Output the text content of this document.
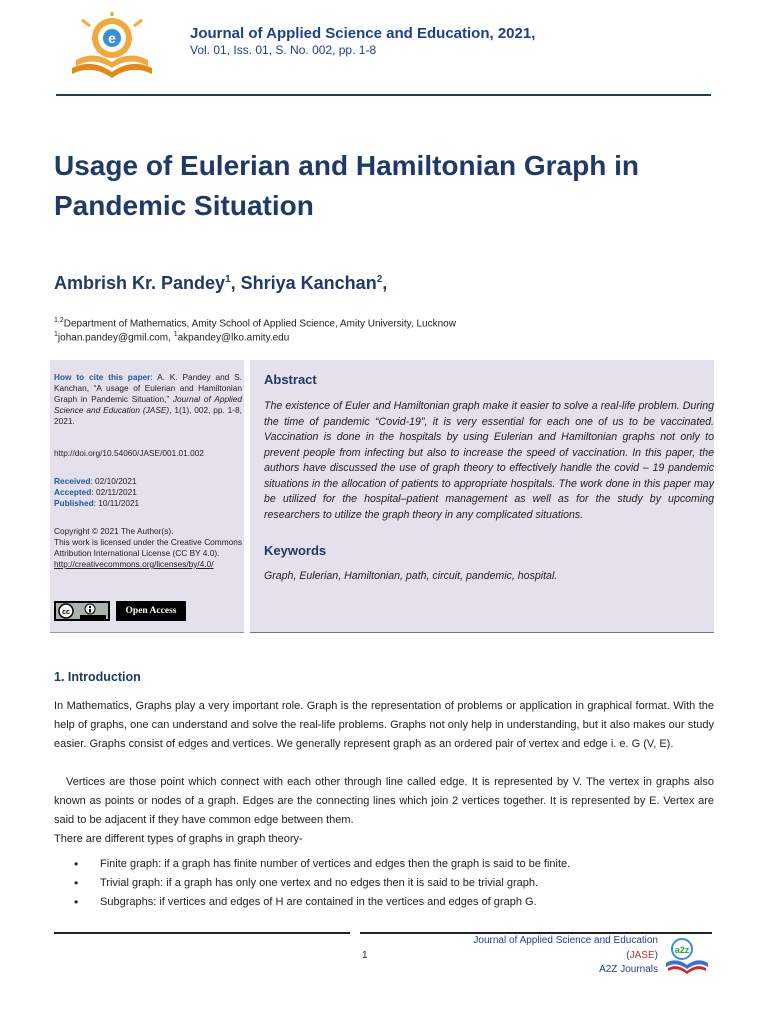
e	Journal of Applied Science and Education, 2021,
Vol. 01, Iss. 01, S. No. 002, pp. 1-8
Usage of Eulerian and Hamiltonian Graph in Pandemic Situation
Ambrish Kr. Pandey$^1$, Shriya Kanchan$^2$,
$^{1,2}$Department of Mathematics, Amity School of Applied Science, Amity University, Lucknow
$^1$johan.pandey@gmil.com, $^1$akpandey@lko.amity.edu
How to cite this paper: A. K. Pandey and S. Kanchan, “A usage of Eulerian and Hamiltonian Graph in Pandemic Situation,” Journal of Applied Science and Education (JASE), 1(1), 002, pp. 1-8, 2021.
http://doi.org/10.54060/JASE/001.01.002
Received: 02/10/2021
Accepted: 02/11/2021
Published: 10/11/2021
Copyright © 2021 The Author(s).
This work is licensed under the Creative Commons Attribution International License (CC BY 4.0).
http://creativecommons.org/licenses/by/4.0/
cc	Open Access
Abstract
The existence of Euler and Hamiltonian graph make it easier to solve a real-life problem. During the time of pandemic “Covid-19”, it is very essential for each one of us to be vaccinated. Vaccination is done in the hospitals by using Eulerian and Hamiltonian graphs not only to prevent people from infecting but also to increase the speed of vaccination. In this paper, the authors have discussed the use of graph theory to effectively handle the covid – 19 pandemic situations in the allocation of patients to appropriate hospitals. The work done in this paper may be utilized for the hospital–patient management as well as for the study by upcoming researchers to utilize the graph theory in any complicated situations.
Keywords
Graph, Eulerian, Hamiltonian, path, circuit, pandemic, hospital.
1. Introduction
In Mathematics, Graphs play a very important role. Graph is the representation of problems or application in graphical format. With the help of graphs, one can understand and solve the real-life problems. Graphs not only help in understanding, but it also makes our study easier. Graphs consist of edges and vertices. We generally represent graph as an ordered pair of vertex and edge i. e. G (V, E).
Vertices are those point which connect with each other through line called edge. It is represented by V. The vertex in graphs also known as points or nodes of a graph. Edges are the connecting lines which join 2 vertices together. It is represented by E. Vertex are said to be adjacent if they have common edge between them.
There are different types of graphs in graph theory-
• Finite graph: if a graph has finite number of vertices and edges then the graph is said to be finite.
• Trivial graph: if a graph has only one vertex and no edges then it is said to be trivial graph.
• Subgraphs: if vertices and edges of H are contained in the vertices and edges of graph G.
1
Journal of Applied Science and Education
(JASE)
A2Z Journals
a2z
